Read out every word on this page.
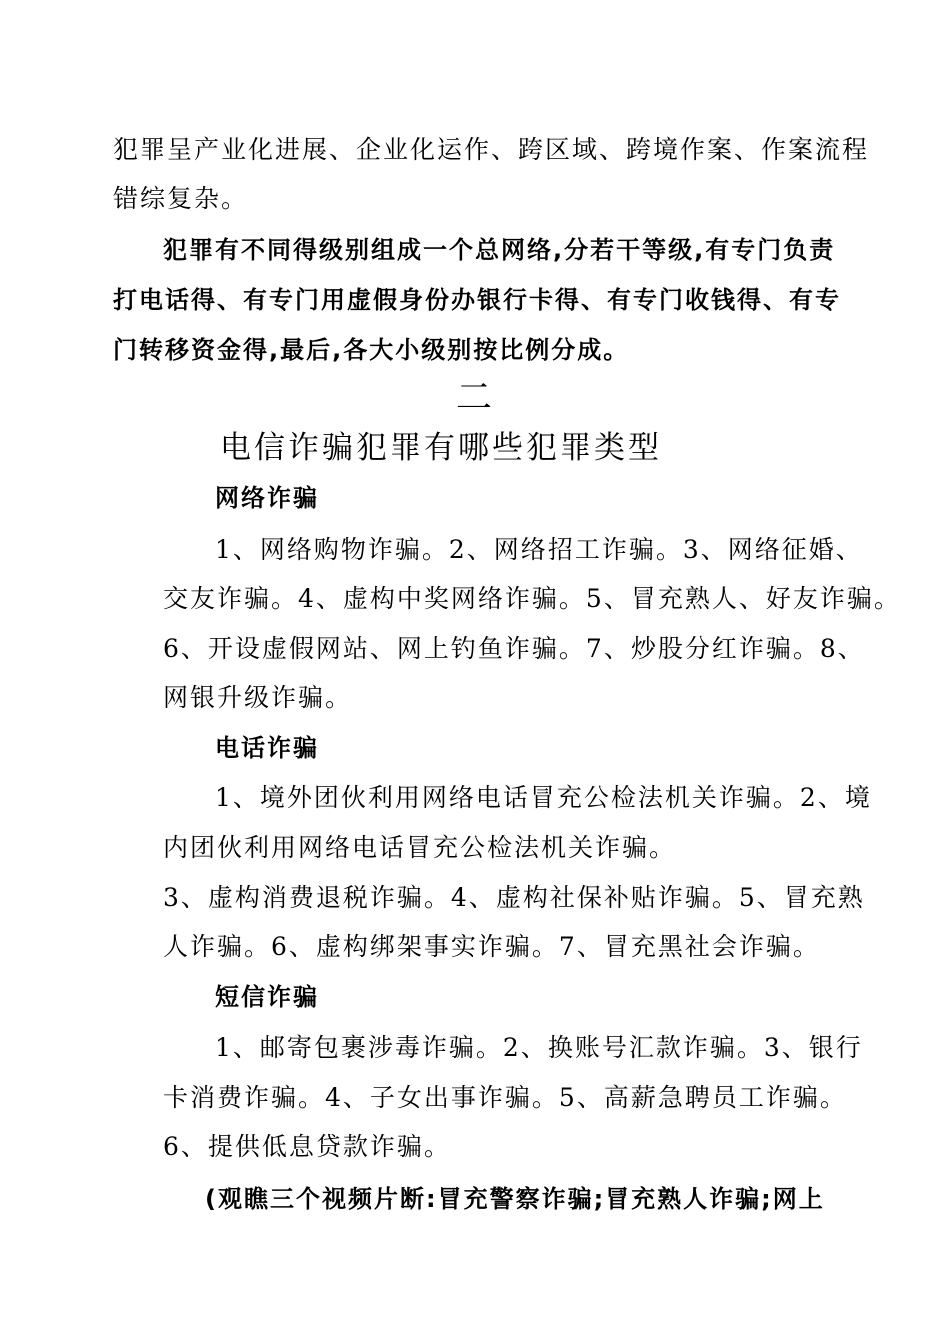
犯罪呈产业化进展、企业化运作、跨区域、跨境作案、作案流程
错综复杂。
犯罪有不同得级别组成一个总网络,分若干等级,有专门负责
打电话得、有专门用虚假身份办银行卡得、有专门收钱得、有专
门转移资金得,最后,各大小级别按比例分成。
二
电信诈骗犯罪有哪些犯罪类型
网络诈骗
1、网络购物诈骗。2、网络招工诈骗。3、网络征婚、
交友诈骗。4、虚构中奖网络诈骗。5、冒充熟人、好友诈骗。
6、开设虚假网站、网上钓鱼诈骗。7、炒股分红诈骗。8、
网银升级诈骗。
电话诈骗
1、境外团伙利用网络电话冒充公检法机关诈骗。2、境
内团伙利用网络电话冒充公检法机关诈骗。
3、虚构消费退税诈骗。4、虚构社保补贴诈骗。5、冒充熟
人诈骗。6、虚构绑架事实诈骗。7、冒充黑社会诈骗。
短信诈骗
1、邮寄包裹涉毒诈骗。2、换账号汇款诈骗。3、银行
卡消费诈骗。4、子女出事诈骗。5、高薪急聘员工诈骗。
6、提供低息贷款诈骗。
(观瞧三个视频片断:冒充警察诈骗;冒充熟人诈骗;网上
